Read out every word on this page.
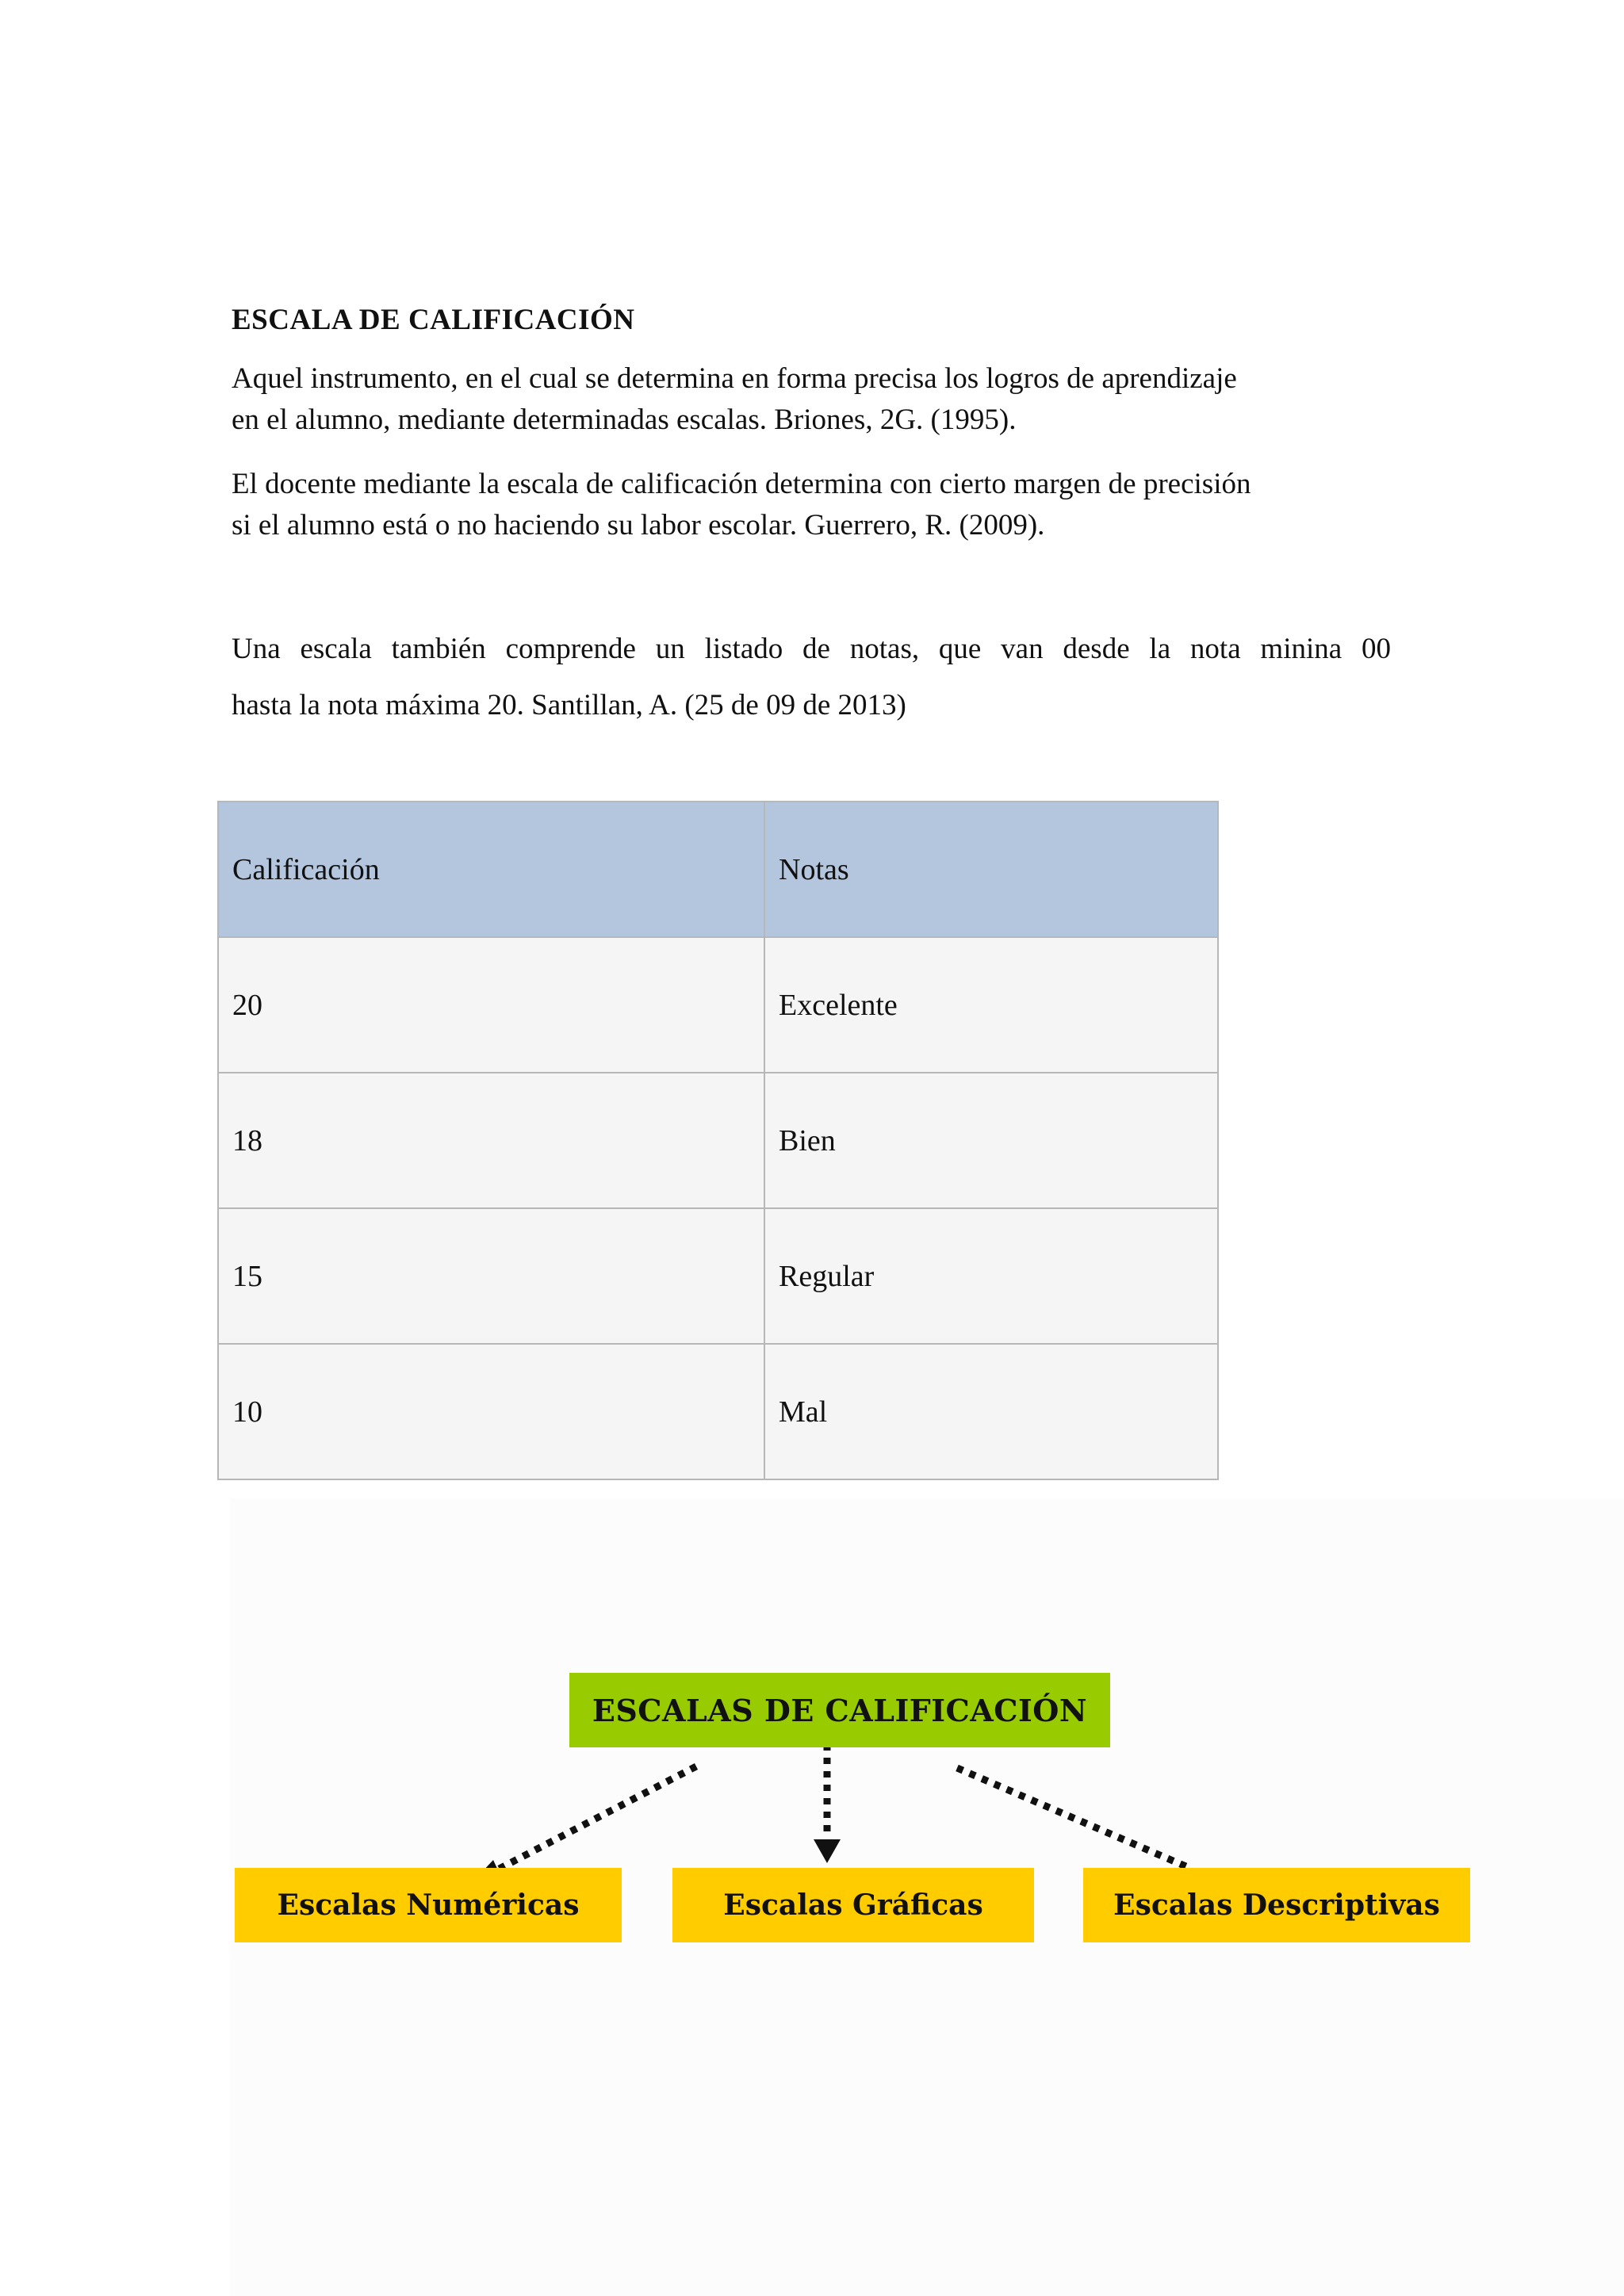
ESCALA DE CALIFICACIÓN
Aquel instrumento, en el cual se determina en forma precisa los logros de aprendizaje
en el alumno, mediante determinadas escalas. Briones, 2G. (1995).
El docente mediante la escala de calificación determina con cierto margen de precisión
si el alumno está o no haciendo su labor escolar. Guerrero, R. (2009).
Una escala también comprende un listado de notas, que van desde la nota minina 00
hasta la nota máxima 20. Santillan, A. (25 de 09 de 2013)
Calificación	Notas
20	Excelente
18	Bien
15	Regular
10	Mal
ESCALAS DE CALIFICACIÓN
Escalas Numéricas	Escalas Gráficas	Escalas Descriptivas
